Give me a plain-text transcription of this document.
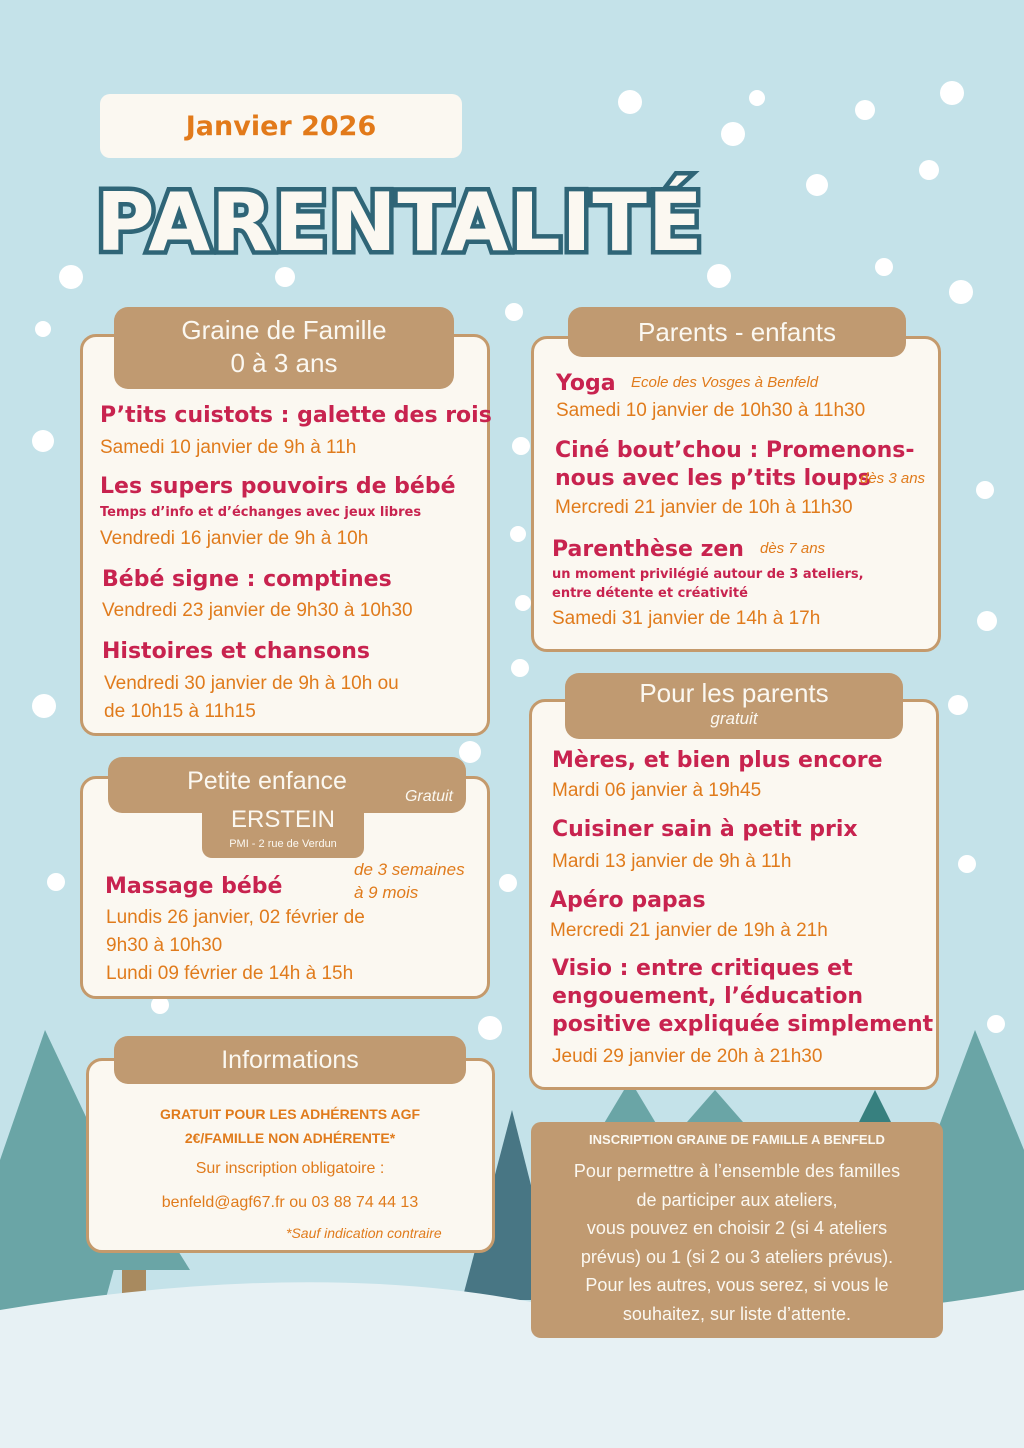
Janvier 2026
PARENTALITÉ
Graine de Famille
0 à 3 ans
P’tits cuistots : galette des rois
Samedi 10 janvier de 9h à 11h
Les supers pouvoirs de bébé
Temps d’info et d’échanges avec jeux libres
Vendredi 16 janvier de 9h à 10h
Bébé signe : comptines
Vendredi 23 janvier de 9h30 à 10h30
Histoires et chansons
Vendredi 30 janvier de 9h à 10h ou
de 10h15 à 11h15
Petite enfance
Gratuit
ERSTEIN
PMI - 2 rue de Verdun
Massage bébé
de 3 semaines
à 9 mois
Lundis 26 janvier, 02 février de
9h30 à 10h30
Lundi 09 février de 14h à 15h
Parents - enfants
Yoga Ecole des Vosges à Benfeld
Samedi 10 janvier de 10h30 à 11h30
Ciné bout’chou : Promenons-
nous avec les p’tits loups
dès 3 ans
Mercredi 21 janvier de 10h à 11h30
Parenthèse zen dès 7 ans
un moment privilégié autour de 3 ateliers,
entre détente et créativité
Samedi 31 janvier de 14h à 17h
Pour les parents
gratuit
Mères, et bien plus encore
Mardi 06 janvier à 19h45
Cuisiner sain à petit prix
Mardi 13 janvier de 9h à 11h
Apéro papas
Mercredi 21 janvier de 19h à 21h
Visio : entre critiques et
engouement, l’éducation
positive expliquée simplement
Jeudi 29 janvier de 20h à 21h30
Informations
GRATUIT POUR LES ADHÉRENTS AGF
2€/FAMILLE NON ADHÉRENTE*
Sur inscription obligatoire :
benfeld@agf67.fr ou 03 88 74 44 13
*Sauf indication contraire
INSCRIPTION GRAINE DE FAMILLE A BENFELD
Pour permettre à l’ensemble des familles
de participer aux ateliers,
vous pouvez en choisir 2 (si 4 ateliers
prévus) ou 1 (si 2 ou 3 ateliers prévus).
Pour les autres, vous serez, si vous le
souhaitez, sur liste d’attente.
